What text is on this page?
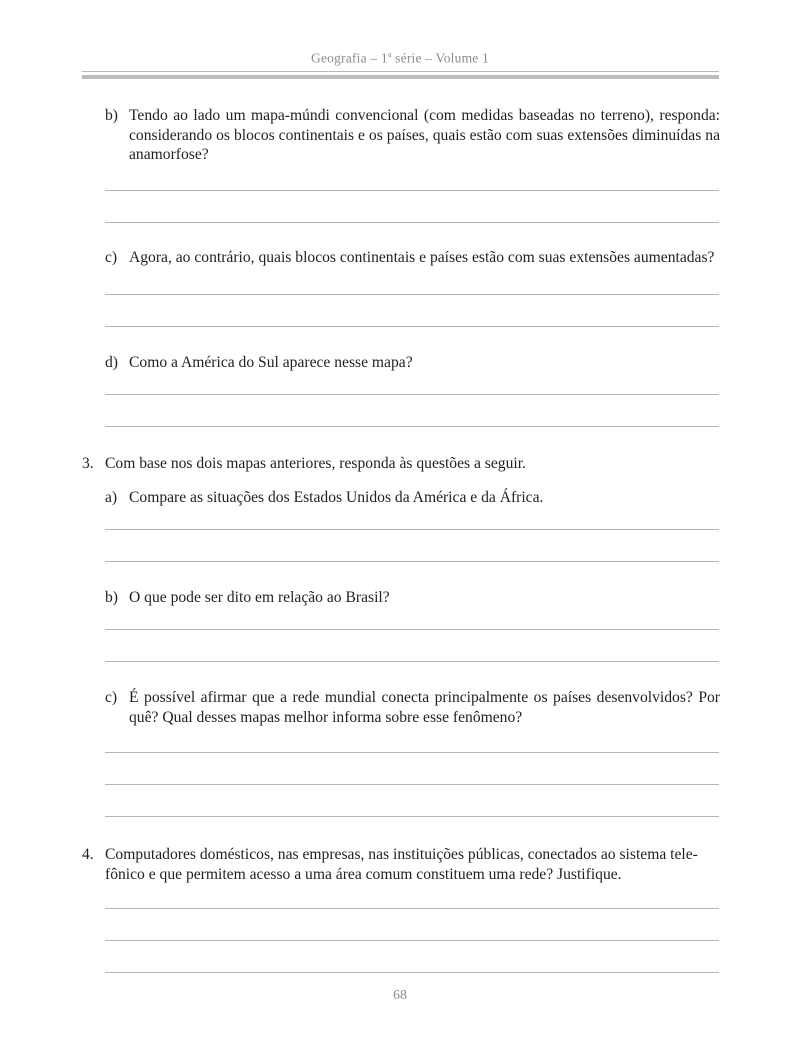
Geografia – 1$^a$ série – Volume 1
b) Tendo ao lado um mapa-múndi convencional (com medidas baseadas no terreno), responda: considerando os blocos continentais e os países, quais estão com suas extensões diminuídas na anamorfose?
c) Agora, ao contrário, quais blocos continentais e países estão com suas extensões aumentadas?
d) Como a América do Sul aparece nesse mapa?
3. Com base nos dois mapas anteriores, responda às questões a seguir.
a) Compare as situações dos Estados Unidos da América e da África.
b) O que pode ser dito em relação ao Brasil?
c) É possível afirmar que a rede mundial conecta principalmente os países desenvolvidos? Por quê? Qual desses mapas melhor informa sobre esse fenômeno?
4. Computadores domésticos, nas empresas, nas instituições públicas, conectados ao sistema tele-
fônico e que permitem acesso a uma área comum constituem uma rede? Justifique.
68
